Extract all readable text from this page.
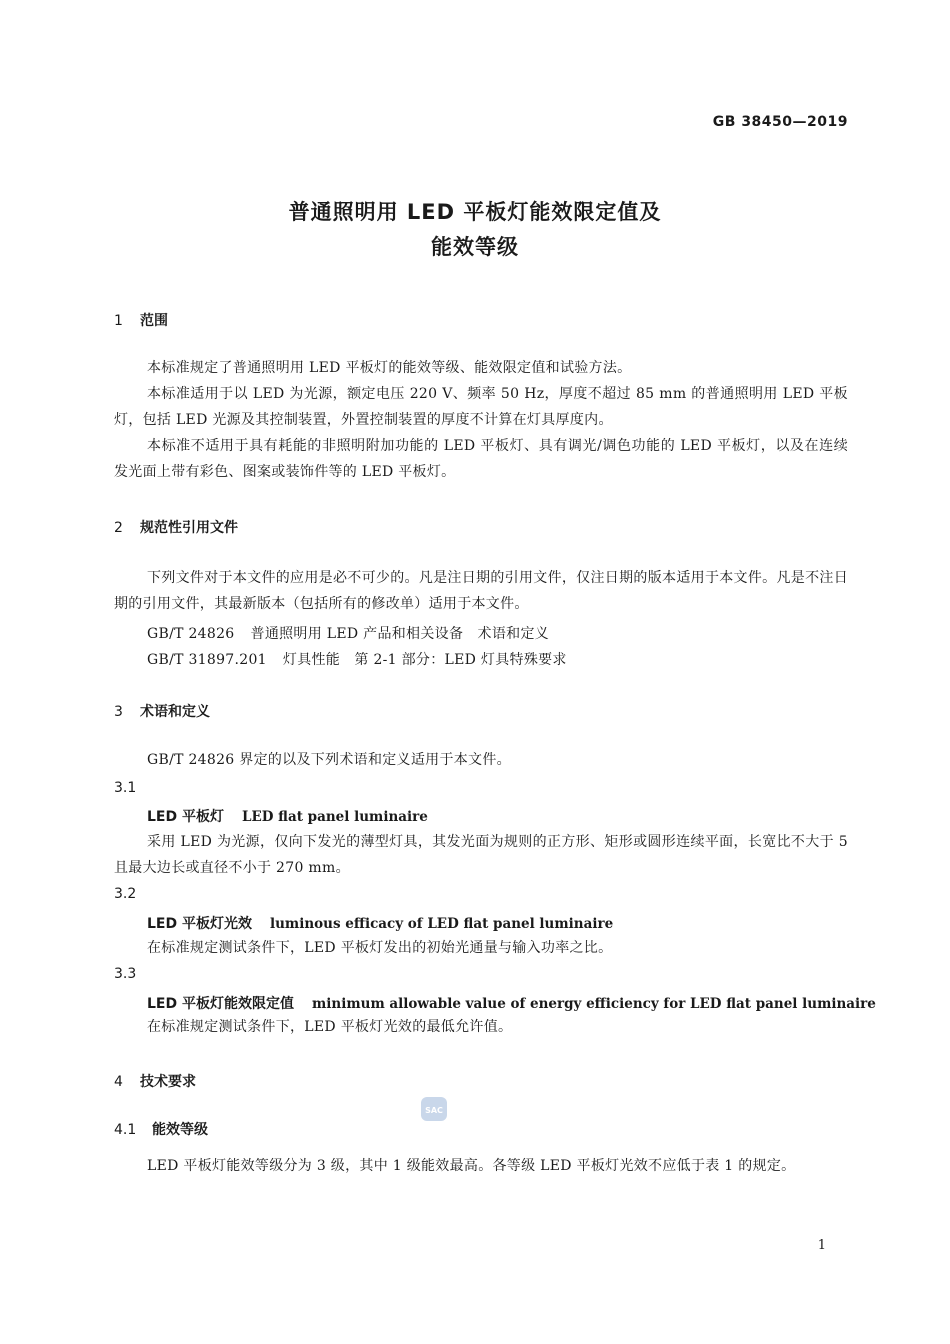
GB 38450—2019
普通照明用 LED 平板灯能效限定值及
能效等级
1 范围
本标准规定了普通照明用 LED 平板灯的能效等级、能效限定值和试验方法。
本标准适用于以 LED 为光源，额定电压 220 V、频率 50 Hz，厚度不超过 85 mm 的普通照明用 LED 平板灯，包括 LED 光源及其控制装置，外置控制装置的厚度不计算在灯具厚度内。
本标准不适用于具有耗能的非照明附加功能的 LED 平板灯、具有调光/调色功能的 LED 平板灯，以及在连续发光面上带有彩色、图案或装饰件等的 LED 平板灯。
2 规范性引用文件
下列文件对于本文件的应用是必不可少的。凡是注日期的引用文件，仅注日期的版本适用于本文件。凡是不注日期的引用文件，其最新版本（包括所有的修改单）适用于本文件。
GB/T 24826 普通照明用 LED 产品和相关设备　术语和定义
GB/T 31897.201 灯具性能　第 2-1 部分：LED 灯具特殊要求
3 术语和定义
GB/T 24826 界定的以及下列术语和定义适用于本文件。
3.1
LED 平板灯 LED flat panel luminaire
采用 LED 为光源，仅向下发光的薄型灯具，其发光面为规则的正方形、矩形或圆形连续平面，长宽比不大于 5 且最大边长或直径不小于 270 mm。
3.2
LED 平板灯光效 luminous efficacy of LED flat panel luminaire
在标准规定测试条件下，LED 平板灯发出的初始光通量与输入功率之比。
3.3
LED 平板灯能效限定值 minimum allowable value of energy efficiency for LED flat panel luminaire
在标准规定测试条件下，LED 平板灯光效的最低允许值。
4 技术要求
SAC
4.1 能效等级
LED 平板灯能效等级分为 3 级，其中 1 级能效最高。各等级 LED 平板灯光效不应低于表 1 的规定。
1
